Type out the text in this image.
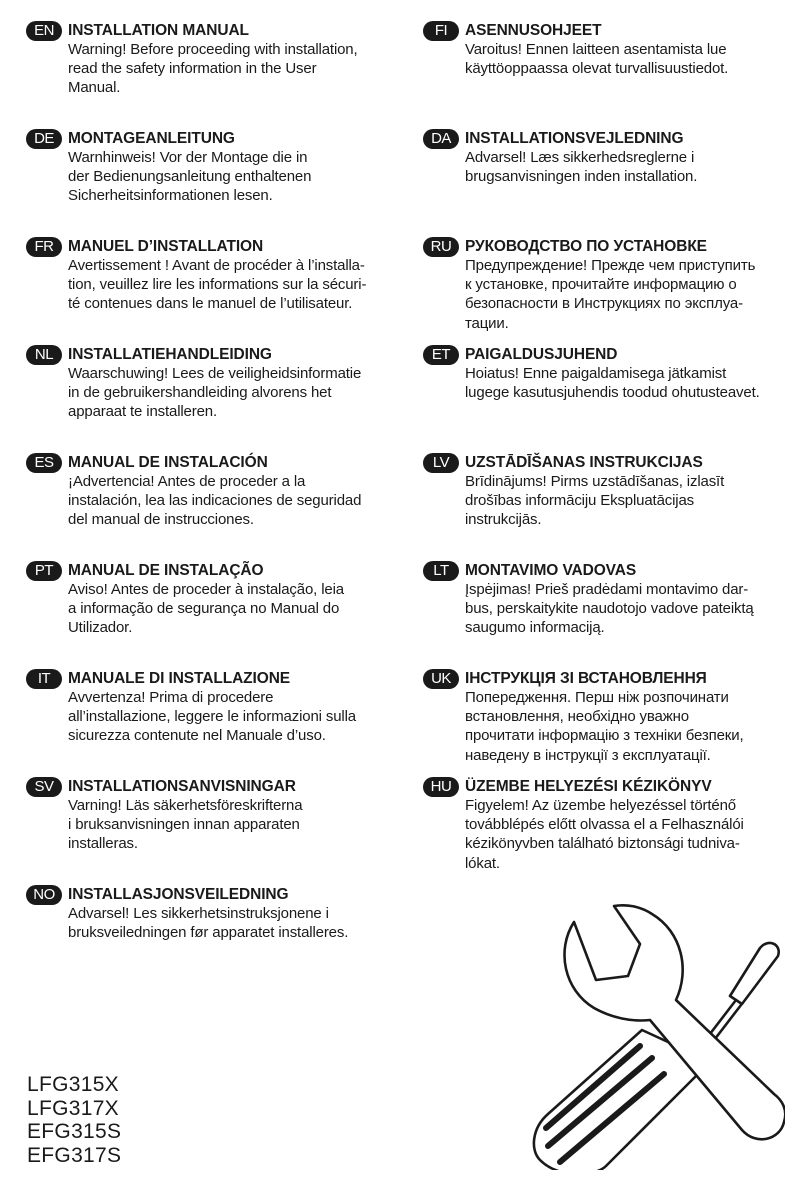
EN INSTALLATION MANUAL
Warning! Before proceeding with installation,
read the safety information in the User
Manual.
DE MONTAGEANLEITUNG
Warnhinweis! Vor der Montage die in
der Bedienungsanleitung enthaltenen
Sicherheitsinformationen lesen.
FR MANUEL D’INSTALLATION
Avertissement ! Avant de procéder à l’installa-
tion, veuillez lire les informations sur la sécuri-
té contenues dans le manuel de l’utilisateur.
NL INSTALLATIEHANDLEIDING
Waarschuwing! Lees de veiligheidsinformatie
in de gebruikershandleiding alvorens het
apparaat te installeren.
ES MANUAL DE INSTALACIÓN
¡Advertencia! Antes de proceder a la
instalación, lea las indicaciones de seguridad
del manual de instrucciones.
PT MANUAL DE INSTALAÇÃO
Aviso! Antes de proceder à instalação, leia
a informação de segurança no Manual do
Utilizador.
IT	MANUALE DI INSTALLAZIONE
Avvertenza! Prima di procedere
all’installazione, leggere le informazioni sulla
sicurezza contenute nel Manuale d’uso.
SV INSTALLATIONSANVISNINGAR
Varning! Läs säkerhetsföreskrifterna
i bruksanvisningen innan apparaten
installeras.
NO INSTALLASJONSVEILEDNING
Advarsel! Les sikkerhetsinstruksjonene i
bruksveiledningen før apparatet installeres.
FI	ASENNUSOHJEET
Varoitus! Ennen laitteen asentamista lue
käyttöoppaassa olevat turvallisuustiedot.
DA INSTALLATIONSVEJLEDNING
Advarsel! Læs sikkerhedsreglerne i
brugsanvisningen inden installation.
RU РУКОВОДСТВО ПО УСТАНОВКЕ
Предупреждение! Прежде чем приступить
к установке, прочитайте информацию о
безопасности в Инструкциях по эксплуа-
тации.
ET PAIGALDUSJUHEND
Hoiatus! Enne paigaldamisega jätkamist
lugege kasutusjuhendis toodud ohutusteavet.
LV	UZSTĀDĪŠANAS INSTRUKCIJAS
Brīdinājums! Pirms uzstādīšanas, izlasīt
drošības informāciju Ekspluatācijas
instrukcijās.
LT	MONTAVIMO VADOVAS
Įspėjimas! Prieš pradėdami montavimo dar-
bus, perskaitykite naudotojo vadove pateiktą
saugumo informaciją.
UK ІНСТРУКЦІЯ ЗІ ВСТАНОВЛЕННЯ
Попередження. Перш ніж розпочинати
встановлення, необхідно уважно
прочитати інформацію з техніки безпеки,
наведену в інструкції з експлуатації.
HU ÜZEMBE HELYEZÉSI KÉZIKÖNYV
Figyelem! Az üzembe helyezéssel történő
továbblépés előtt olvassa el a Felhasználói
kézikönyvben található biztonsági tudniva-
lókat.
LFG315X
LFG317X
EFG315S
EFG317S
